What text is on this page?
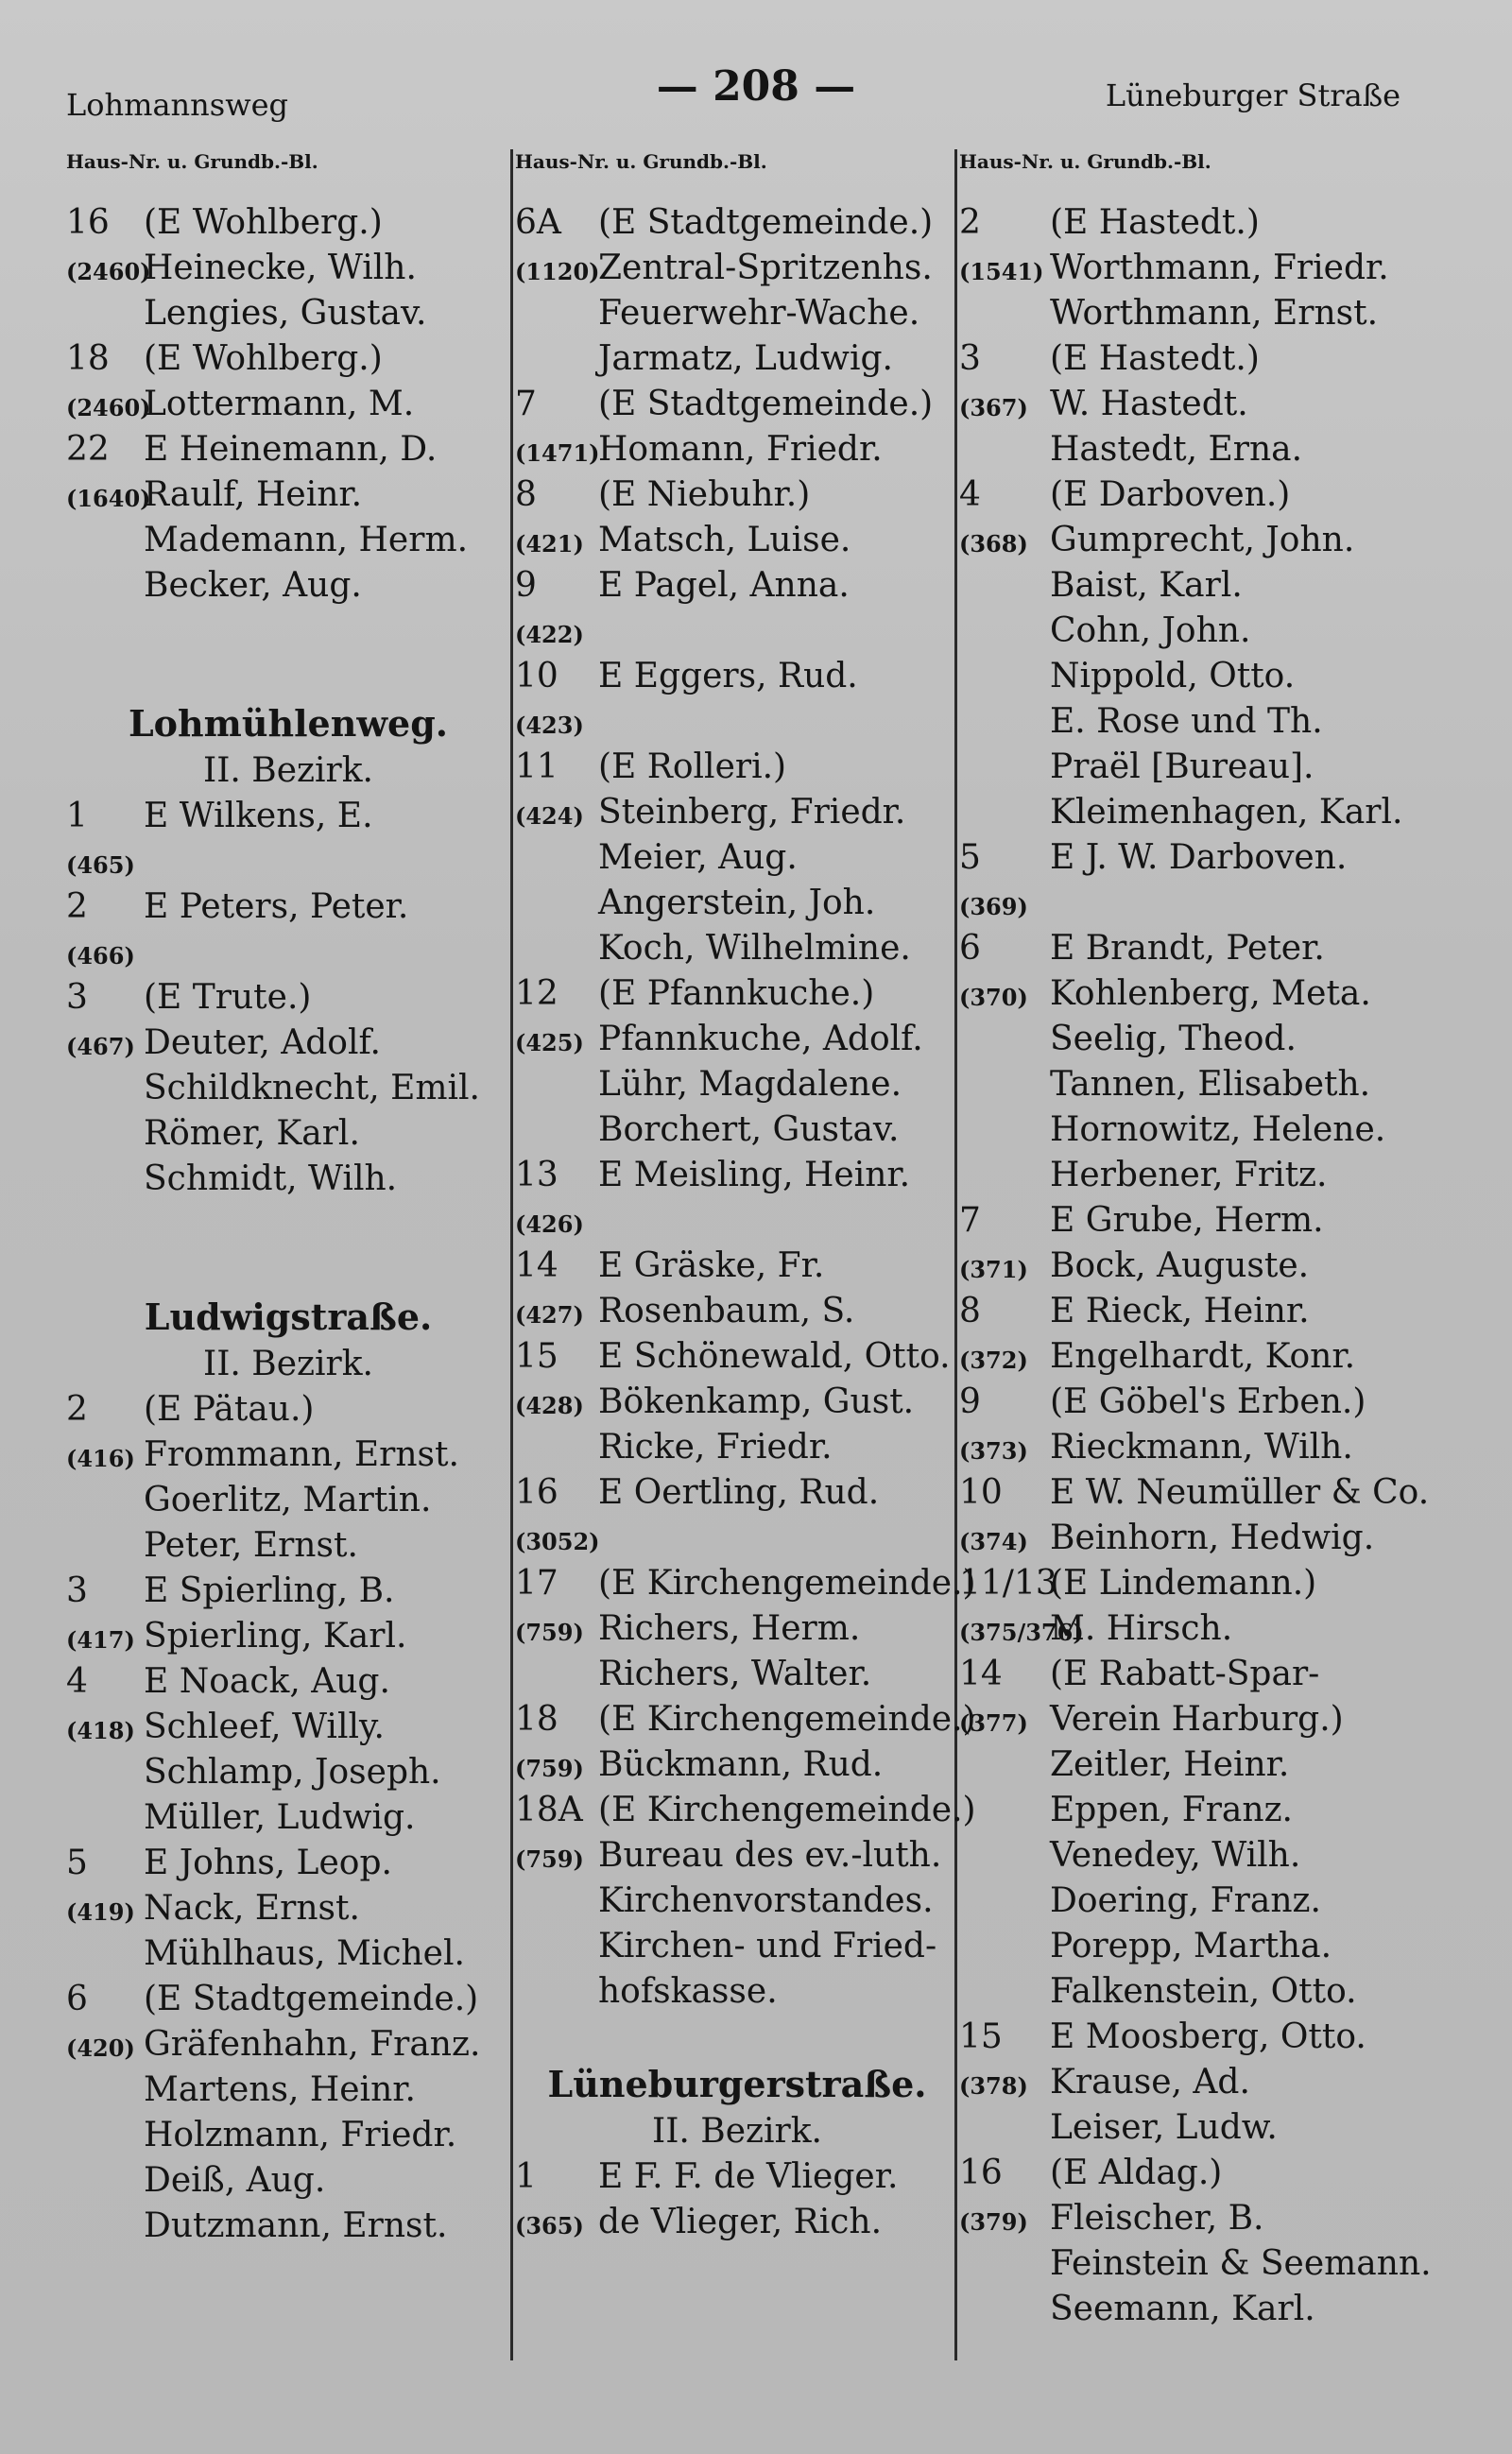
Lohmannsweg	— 208 —	Lüneburger Straße
Haus-Nr. u. Grundb.-Bl.
16 (E Wohlberg.)
(2460)
Heinecke, Wilh.
Lengies, Gustav.
18 (E Wohlberg.)
(2460)
Lottermann, M.
22 E Heinemann, D.
(1640)
Raulf, Heinr.
Mademann, Herm.
Becker, Aug.
Lohmühlenweg.
II. Bezirk.
1 E Wilkens, E.
(465)
2 E Peters, Peter.
(466)
3 (E Trute.)
(467) Deuter, Adolf.
Schildknecht, Emil.
Römer, Karl.
Schmidt, Wilh.
Ludwigstraße.
II. Bezirk.
2 (E Pätau.)
(416) Frommann, Ernst.
Goerlitz, Martin.
Peter, Ernst.
3 E Spierling, B.
(417) Spierling, Karl.
4 E Noack, Aug.
(418) Schleef, Willy.
Schlamp, Joseph.
Müller, Ludwig.
5 E Johns, Leop.
(419) Nack, Ernst.
Mühlhaus, Michel.
6 (E Stadtgemeinde.)
(420) Gräfenhahn, Franz.
Martens, Heinr.
Holzmann, Friedr.
Deiß, Aug.
Dutzmann, Ernst.
Haus-Nr. u. Grundb.-Bl.
6A (E Stadtgemeinde.)
(1120)
Zentral-Spritzenhs.
Feuerwehr-Wache.
Jarmatz, Ludwig.
7 (E Stadtgemeinde.)
(1471)
Homann, Friedr.
8 (E Niebuhr.)
(421) Matsch, Luise.
9 E Pagel, Anna.
(422)
10 E Eggers, Rud.
(423)
11 (E Rolleri.)
(424) Steinberg, Friedr.
Meier, Aug.
Angerstein, Joh.
Koch, Wilhelmine.
12 (E Pfannkuche.)
(425) Pfannkuche, Adolf.
Lühr, Magdalene.
Borchert, Gustav.
13 E Meisling, Heinr.
(426)
14 E Gräske, Fr.
(427) Rosenbaum, S.
15 E Schönewald, Otto.
(428) Bökenkamp, Gust.
Ricke, Friedr.
16 E Oertling, Rud.
(3052)
17 (E Kirchengemeinde.)
(759) Richers, Herm.
Richers, Walter.
18 (E Kirchengemeinde.)
(759) Bückmann, Rud.
18A (E Kirchengemeinde.)
(759) Bureau des ev.-luth.
Kirchenvorstandes.
Kirchen- und Fried-
hofskasse.
Lüneburgerstraße.
II. Bezirk.
1 E F. F. de Vlieger.
(365) de Vlieger, Rich.
Haus-Nr. u. Grundb.-Bl.
2 (E Hastedt.)
(1541) Worthmann, Friedr.
Worthmann, Ernst.
3 (E Hastedt.)
(367) W. Hastedt.
Hastedt, Erna.
4 (E Darboven.)
(368) Gumprecht, John.
Baist, Karl.
Cohn, John.
Nippold, Otto.
E. Rose und Th.
Praël [Bureau].
Kleimenhagen, Karl.
5 E J. W. Darboven.
(369)
6 E Brandt, Peter.
(370) Kohlenberg, Meta.
Seelig, Theod.
Tannen, Elisabeth.
Hornowitz, Helene.
Herbener, Fritz.
7 E Grube, Herm.
(371) Bock, Auguste.
8 E Rieck, Heinr.
(372) Engelhardt, Konr.
9 (E Göbel's Erben.)
(373) Rieckmann, Wilh.
10 E W. Neumüller & Co.
(374) Beinhorn, Hedwig.
11/13
(E Lindemann.)
(375/376)
M. Hirsch.
14 (E Rabatt-Spar-
(377) Verein Harburg.)
Zeitler, Heinr.
Eppen, Franz.
Venedey, Wilh.
Doering, Franz.
Porepp, Martha.
Falkenstein, Otto.
15 E Moosberg, Otto.
(378) Krause, Ad.
Leiser, Ludw.
16 (E Aldag.)
(379) Fleischer, B.
Feinstein & Seemann.
Seemann, Karl.
